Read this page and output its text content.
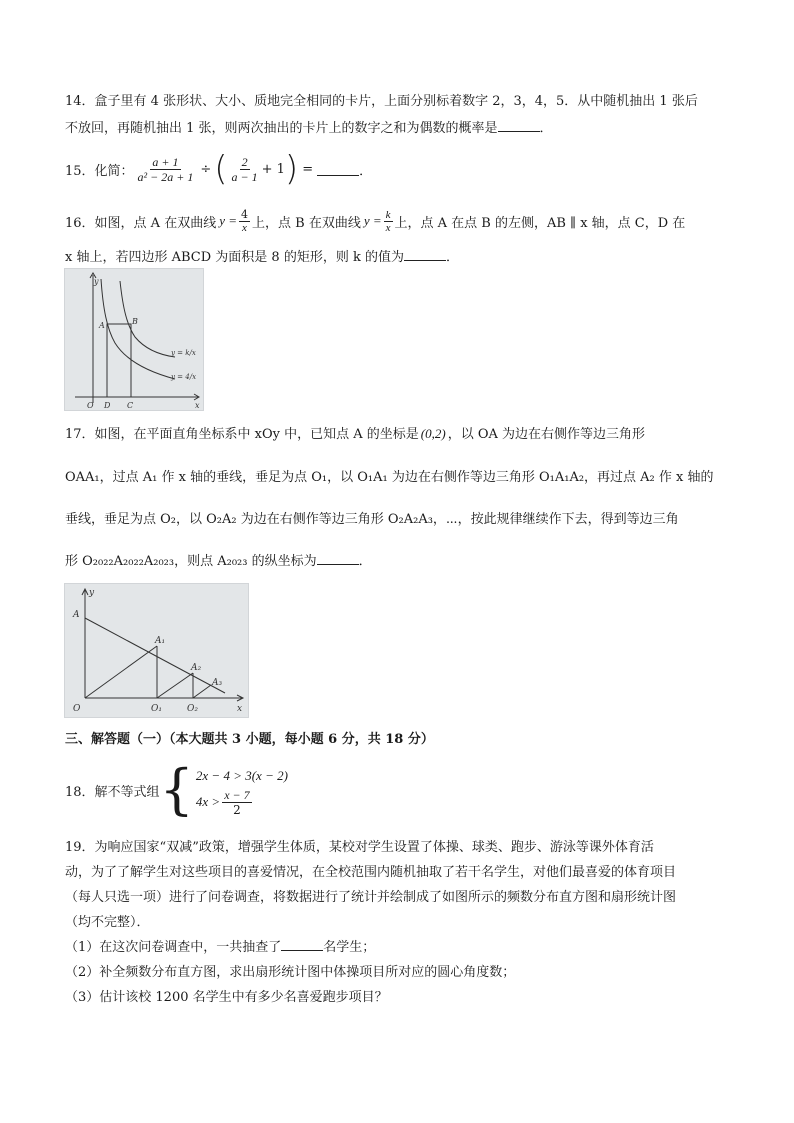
14．盒子里有 4 张形状、大小、质地完全相同的卡片，上面分别标着数字 2，3，4，5．从中随机抽出 1 张后
不放回，再随机抽出 1 张，则两次抽出的卡片上的数字之和为偶数的概率是	．
15．化简： $\frac{a + 1}{\text{a² − 2a + 1}}$ ÷ ( $\frac{2}{a - 1} + 1$ ) =	．
16．如图，点 A 在双曲线 $y = \frac{4}{x}$ 上，点 B 在双曲线 $y = \frac{k}{x}$ 上，点 A 在点 B 的左侧，AB ∥ x 轴，点 C，D 在
x 轴上，若四边形 ABCD 为面积是 8 的矩形，则 k 的值为	．
y
x
O
A	B
D C
y = k/x
y = 4/x
17．如图，在平面直角坐标系中 xOy 中，已知点 A 的坐标是 (0,2) ，以 OA 为边在右侧作等边三角形
OAA₁，过点 A₁ 作 x 轴的垂线，垂足为点 O₁，以 O₁A₁ 为边在右侧作等边三角形 O₁A₁A₂，再过点 A₂ 作 x 轴的
垂线，垂足为点 O₂，以 O₂A₂ 为边在右侧作等边三角形 O₂A₂A₃，⋯，按此规律继续作下去，得到等边三角
形 O₂₀₂₂A₂₀₂₂A₂₀₂₃，则点 A₂₀₂₃ 的纵坐标为	．
y
x
O
A
A₁
A₂
A₃
O₁	O₂
三、解答题（一）（本大题共 3 小题，每小题 6 分，共 18 分）
18．解不等式组 { 2x − 4 > 3(x − 2)
$4x > \frac{x - 7}{2}$
19．为响应国家“双减”政策，增强学生体质，某校对学生设置了体操、球类、跑步、游泳等课外体育活
动，为了了解学生对这些项目的喜爱情况，在全校范围内随机抽取了若干名学生，对他们最喜爱的体育项目
（每人只选一项）进行了问卷调查，将数据进行了统计并绘制成了如图所示的频数分布直方图和扇形统计图
（均不完整）．
（1）在这次问卷调查中，一共抽查了	名学生；
（2）补全频数分布直方图，求出扇形统计图中体操项目所对应的圆心角度数；
（3）估计该校 1200 名学生中有多少名喜爱跑步项目？
